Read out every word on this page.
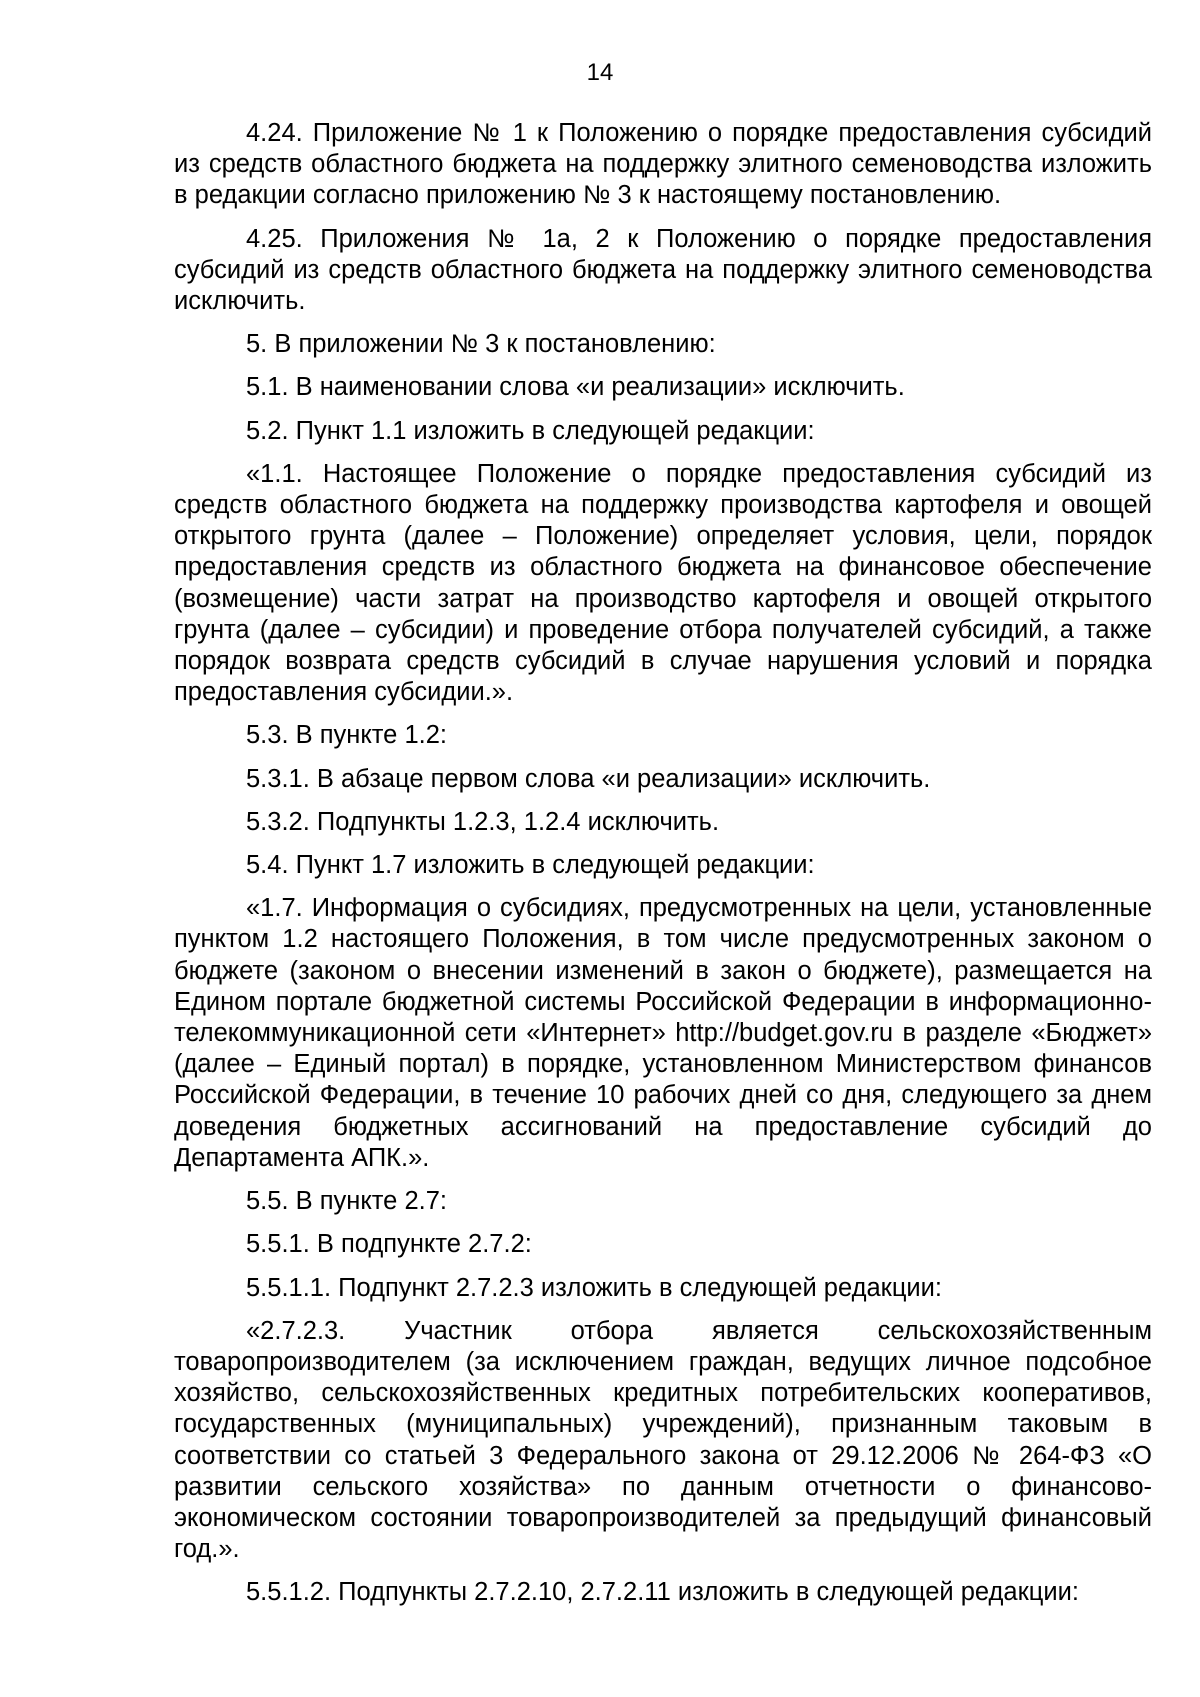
14

4.24. Приложение № 1 к Положению о порядке предоставления субсидий из средств областного бюджета на поддержку элитного семеноводства изложить в редакции согласно приложению № 3 к настоящему постановлению.

4.25. Приложения № 1а, 2 к Положению о порядке предоставления субсидий из средств областного бюджета на поддержку элитного семеноводства исключить.

5. В приложении № 3 к постановлению:

5.1. В наименовании слова «и реализации» исключить.

5.2. Пункт 1.1 изложить в следующей редакции:

«1.1. Настоящее Положение о порядке предоставления субсидий из средств областного бюджета на поддержку производства картофеля и овощей открытого грунта (далее – Положение) определяет условия, цели, порядок предоставления средств из областного бюджета на финансовое обеспечение (возмещение) части затрат на производство картофеля и овощей открытого грунта (далее – субсидии) и проведение отбора получателей субсидий, а также порядок возврата средств субсидий в случае нарушения условий и порядка предоставления субсидии.».

5.3. В пункте 1.2:

5.3.1. В абзаце первом слова «и реализации» исключить.

5.3.2. Подпункты 1.2.3, 1.2.4 исключить.

5.4. Пункт 1.7 изложить в следующей редакции:

«1.7. Информация о субсидиях, предусмотренных на цели, установленные пунктом 1.2 настоящего Положения, в том числе предусмотренных законом о бюджете (законом о внесении изменений в закон о бюджете), размещается на Едином портале бюджетной системы Российской Федерации в информационно-телекоммуникационной сети «Интернет» http://budget.gov.ru в разделе «Бюджет» (далее – Единый портал) в порядке, установленном Министерством финансов Российской Федерации, в течение 10 рабочих дней со дня, следующего за днем доведения бюджетных ассигнований на предоставление субсидий до Департамента АПК.».

5.5. В пункте 2.7:

5.5.1. В подпункте 2.7.2:

5.5.1.1. Подпункт 2.7.2.3 изложить в следующей редакции:

«2.7.2.3. Участник отбора является сельскохозяйственным товаропроизводителем (за исключением граждан, ведущих личное подсобное хозяйство, сельскохозяйственных кредитных потребительских кооперативов, государственных (муниципальных) учреждений), признанным таковым в соответствии со статьей 3 Федерального закона от 29.12.2006 № 264-ФЗ «О развитии сельского хозяйства» по данным отчетности о финансово-экономическом состоянии товаропроизводителей за предыдущий финансовый год.».

5.5.1.2. Подпункты 2.7.2.10, 2.7.2.11 изложить в следующей редакции:
